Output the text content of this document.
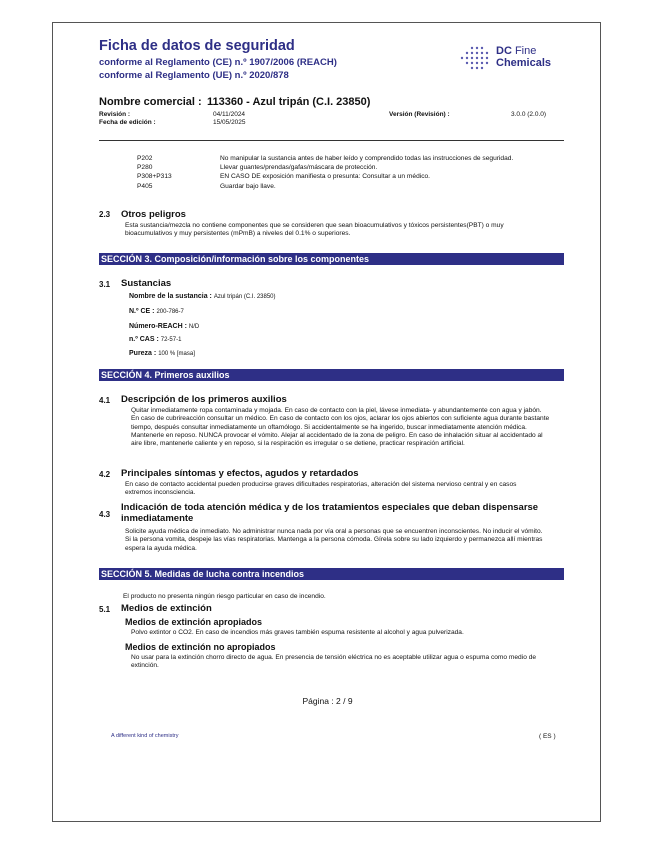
Ficha de datos de seguridad
conforme al Reglamento (CE) n.º 1907/2006 (REACH)
conforme al Reglamento (UE) n.º 2020/878
DC Fine
Chemicals
Nombre comercial : 113360 - Azul tripán (C.I. 23850)
Revisión :	04/11/2024
Fecha de edición :	15/05/2025
Versión (Revisión) :	3.0.0 (2.0.0)
P202	No manipular la sustancia antes de haber leído y comprendido todas las instrucciones de seguridad.
P280	Llevar guantes/prendas/gafas/máscara de protección.
P308+P313	EN CASO DE exposición manifiesta o presunta: Consultar a un médico.
P405	Guardar bajo llave.
2.3 Otros peligros
Esta sustancia/mezcla no contiene componentes que se consideren que sean bioacumulativos y tóxicos persistentes(PBT) o muy bioacumulativos y muy persistentes (mPmB) a niveles del 0.1% o superiores.
SECCIÓN 3. Composición/información sobre los componentes
3.1 Sustancias
Nombre de la sustancia : Azul tripán (C.I. 23850)
N.º CE : 200-786-7
Número-REACH : N/D
n.º CAS : 72-57-1
Pureza : 100 % [masa]
SECCIÓN 4. Primeros auxilios
4.1 Descripción de los primeros auxilios
Quitar inmediatamente ropa contaminada y mojada. En caso de contacto con la piel, lávese inmediata- y abundantemente con agua y jabón. En caso de cubrireacción consultar un médico. En caso de contacto con los ojos, aclarar los ojos abiertos con suficiente agua durante bastante tiempo, después consultar inmediatamente un oftamólogo. Si accidentalmente se ha ingerido, buscar inmediatamente atención médica. Mantenerle en reposo. NUNCA provocar el vómito. Alejar al accidentado de la zona de peligro. En caso de inhalación situar al accidentado al aire libre, mantenerle caliente y en reposo, si la respiración es irregular o se detiene, practicar respiración artificial.
4.2 Principales síntomas y efectos, agudos y retardados
En caso de contacto accidental pueden producirse graves dificultades respiratorias, alteración del sistema nervioso central y en casos extremos inconsciencia.
4.3
Indicación de toda atención médica y de los tratamientos especiales que deban dispensarse inmediatamente
Solicite ayuda médica de inmediato. No administrar nunca nada por vía oral a personas que se encuentren inconscientes. No inducir el vómito. Si la persona vomita, despeje las vías respiratorias. Mantenga a la persona cómoda. Gírela sobre su lado izquierdo y permanezca allí mientras espera la ayuda médica.
SECCIÓN 5. Medidas de lucha contra incendios
El producto no presenta ningún riesgo particular en caso de incendio.
5.1 Medios de extinción
Medios de extinción apropiados
Polvo extintor o CO2. En caso de incendios más graves también espuma resistente al alcohol y agua pulverizada.
Medios de extinción no apropiados
No usar para la extinción chorro directo de agua. En presencia de tensión eléctrica no es aceptable utilizar agua o espuma como medio de extinción.
Página : 2 / 9
A different kind of chemistry	( ES )
